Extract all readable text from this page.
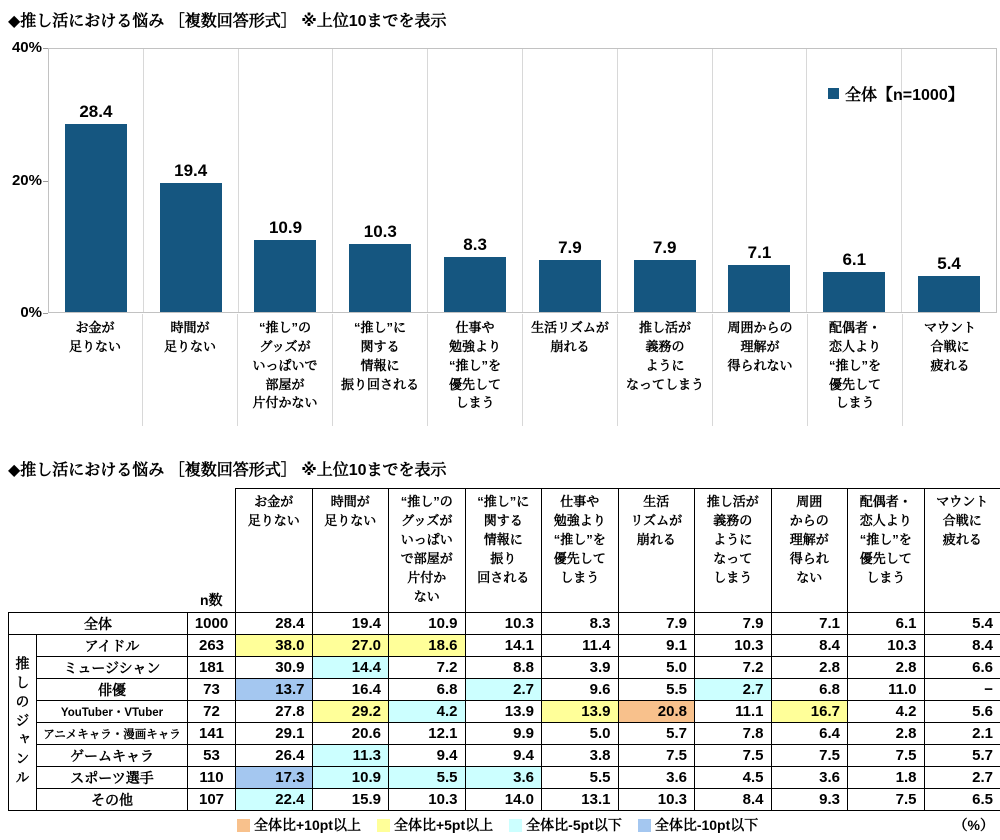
◆推し活における悩み ［複数回答形式］ ※上位10までを表示
40%
20%
0%
28.4
19.4
10.9	10.3
8.3	7.9	7.9	7.1	6.1	5.4
お金が
足りない
時間が
足りない
“推し”の
グッズが
いっぱいで
部屋が
片付かない
“推し”に
関する
情報に
振り回される
仕事や
勉強より
“推し”を
優先して
しまう
生活リズムが
崩れる
推し活が
義務の
ように
なってしまう
周囲からの
理解が
得られない
配偶者・
恋人より
“推し”を
優先して
しまう
マウント
合戦に
疲れる
全体【n=1000】
◆推し活における悩み ［複数回答形式］ ※上位10までを表示
		n数	お金が
足りない	時間が
足りない	“推し”の
グッズが
いっぱい
で部屋が
片付か
ない	“推し”に
関する
情報に
振り
回される	仕事や
勉強より
“推し”を
優先して
しまう	生活
リズムが
崩れる	推し活が
義務の
ように
なって
しまう	周囲
からの
理解が
得られ
ない	配偶者・
恋人より
“推し”を
優先して
しまう	マウント
合戦に
疲れる
全体		1000	28.4	19.4	10.9	10.3	8.3	7.9	7.9	7.1	6.1	5.4
推しのジャンル	アイドル	263	38.0	27.0	18.6	14.1	11.4	9.1	10.3	8.4	10.3	8.4
	ミュージシャン	181	30.9	14.4	7.2	8.8	3.9	5.0	7.2	2.8	2.8	6.6
	俳優	73	13.7	16.4	6.8	2.7	9.6	5.5	2.7	6.8	11.0	−
	YouTuber・VTuber	72	27.8	29.2	4.2	13.9	13.9	20.8	11.1	16.7	4.2	5.6
	アニメキャラ・漫画キャラ	141	29.1	20.6	12.1	9.9	5.0	5.7	7.8	6.4	2.8	2.1
	ゲームキャラ	53	26.4	11.3	9.4	9.4	3.8	7.5	7.5	7.5	7.5	5.7
	スポーツ選手	110	17.3	10.9	5.5	3.6	5.5	3.6	4.5	3.6	1.8	2.7
	その他	107	22.4	15.9	10.3	14.0	13.1	10.3	8.4	9.3	7.5	6.5
全体比+10pt以上 全体比+5pt以上 全体比-5pt以下 全体比-10pt以下	（%）
